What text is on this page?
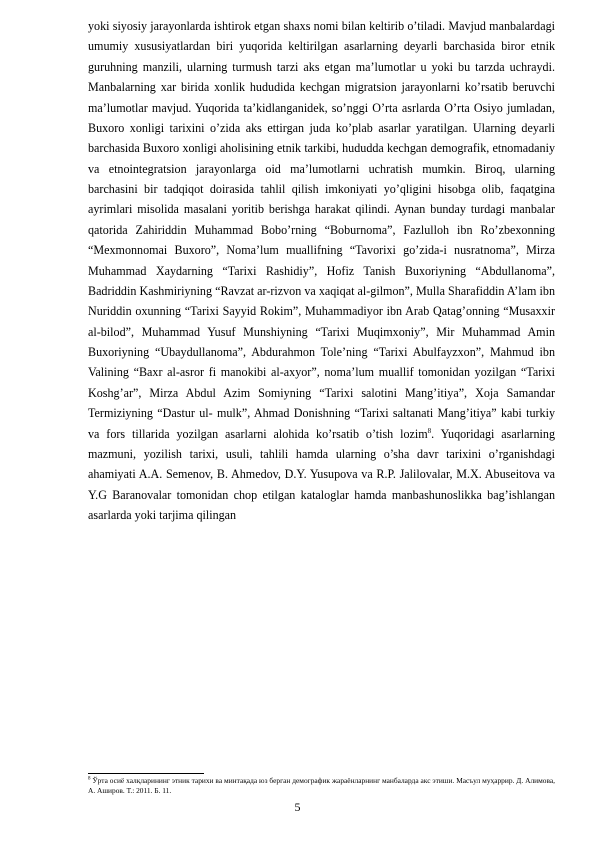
yoki siyosiy jarayonlarda ishtirok etgan shaxs nomi bilan keltirib o’tiladi. Mavjud manbalardagi umumiy xususiyatlardan biri yuqorida keltirilgan asarlarning deyarli barchasida biror etnik guruhning manzili, ularning turmush tarzi aks etgan ma’lumotlar u yoki bu tarzda uchraydi. Manbalarning xar birida xonlik hududida kechgan migratsion jarayonlarni ko’rsatib beruvchi ma’lumotlar mavjud. Yuqorida ta’kidlanganidek, so’nggi O’rta asrlarda O’rta Osiyo jumladan, Buxoro xonligi tarixini o’zida aks ettirgan juda ko’plab asarlar yaratilgan. Ularning deyarli barchasida Buxoro xonligi aholisining etnik tarkibi, hududda kechgan demografik, etnomadaniy va etnointegratsion jarayonlarga oid ma’lumotlarni uchratish mumkin. Biroq, ularning barchasini bir tadqiqot doirasida tahlil qilish imkoniyati yo’qligini hisobga olib, faqatgina ayrimlari misolida masalani yoritib berishga harakat qilindi. Aynan bunday turdagi manbalar qatorida Zahiriddin Muhammad Bobo’rning “Boburnoma”, Fazlulloh ibn Ro’zbexonning “Mexmonnomai Buxoro”, Noma’lum muallifning “Tavorixi go’zida-i nusratnoma”, Mirza Muhammad Xaydarning “Tarixi Rashidiy”, Hofiz Tanish Buxoriyning “Abdullanoma”, Badriddin Kashmiriyning “Ravzat ar-rizvon va xaqiqat al-gilmon”, Mulla Sharafiddin A’lam ibn Nuriddin oxunning “Tarixi Sayyid Rokim”, Muhammadiyor ibn Arab Qatag’onning “Musaxxir al-bilod”, Muhammad Yusuf Munshiyning “Tarixi Muqimxoniy”, Mir Muhammad Amin Buxoriyning “Ubaydullanoma”, Abdurahmon Tole’ning “Tarixi Abulfayzxon”, Mahmud ibn Valining “Baxr al-asror fi manokibi al-axyor”, noma’lum muallif tomonidan yozilgan “Tarixi Koshg’ar”, Mirza Abdul Azim Somiyning “Tarixi salotini Mang’itiya”, Xoja Samandar Termiziyning “Dastur ul- mulk”, Ahmad Donishning “Tarixi saltanati Mang’itiya” kabi turkiy va fors tillarida yozilgan asarlarni alohida ko’rsatib o’tish lozim$^8$. Yuqoridagi asarlarning mazmuni, yozilish tarixi, usuli, tahlili hamda ularning o’sha davr tarixini o’rganishdagi ahamiyati A.A. Semenov, B. Ahmedov, D.Y. Yusupova va R.P. Jalilovalar, M.X. Abuseitova va Y.G Baranovalar tomonidan chop etilgan kataloglar hamda manbashunoslikka bag’ishlangan asarlarda yoki tarjima qilingan

$^8$ Ўрта осиё халқларининг этник тарихи ва минтақада юз берган демографик жараёнларнинг манбаларда акс этиши. Масъул муҳаррир. Д. Алимова, А. Аширов. Т.: 2011. Б. 11.

5
